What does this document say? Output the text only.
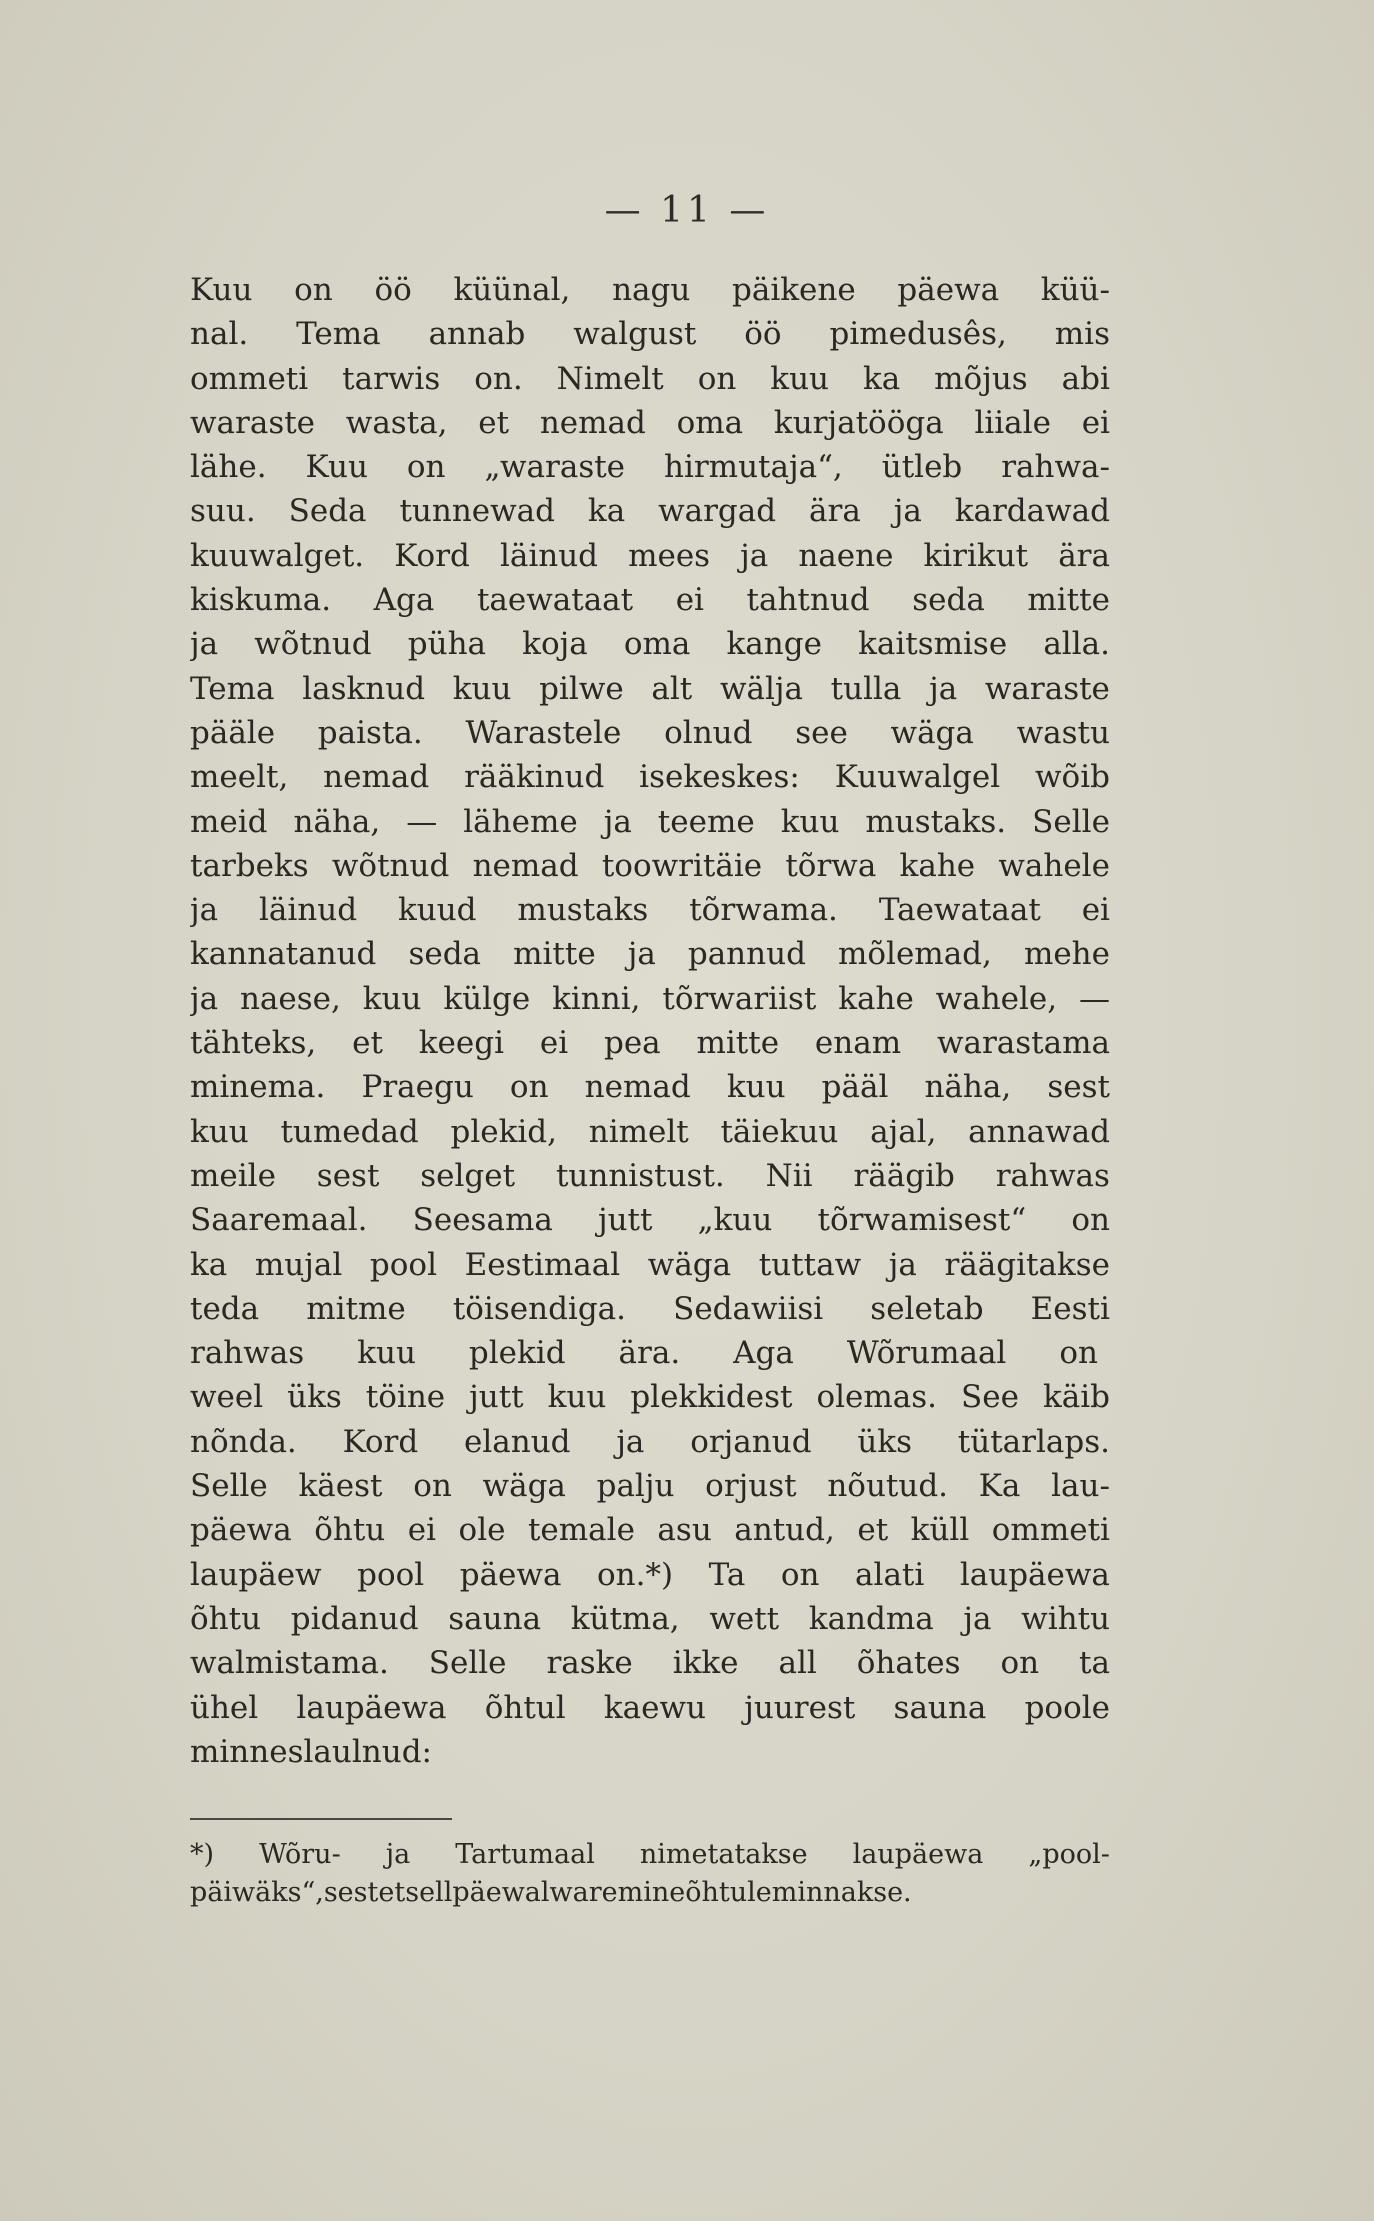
— 11 —
Kuu on öö küünal, nagu päikene päewa küü-
nal. Tema annab walgust öö pimedusês, mis
ommeti tarwis on. Nimelt on kuu ka mõjus abi
waraste wasta, et nemad oma kurjatööga liiale ei
lähe. Kuu on „waraste hirmutaja“, ütleb rahwa-
suu. Seda tunnewad ka wargad ära ja kardawad
kuuwalget. Kord läinud mees ja naene kirikut ära
kiskuma. Aga taewataat ei tahtnud seda mitte
ja wõtnud püha koja oma kange kaitsmise alla.
Tema lasknud kuu pilwe alt wälja tulla ja waraste
pääle paista. Warastele olnud see wäga wastu
meelt, nemad rääkinud isekeskes: Kuuwalgel wõib
meid näha, — läheme ja teeme kuu mustaks. Selle
tarbeks wõtnud nemad toowritäie tõrwa kahe wahele
ja läinud kuud mustaks tõrwama. Taewataat ei
kannatanud seda mitte ja pannud mõlemad, mehe
ja naese, kuu külge kinni, tõrwariist kahe wahele, —
tähteks, et keegi ei pea mitte enam warastama
minema. Praegu on nemad kuu pääl näha, sest
kuu tumedad plekid, nimelt täiekuu ajal, annawad
meile sest selget tunnistust. Nii räägib rahwas
Saaremaal. Seesama jutt „kuu tõrwamisest“ on
ka mujal pool Eestimaal wäga tuttaw ja räägitakse
teda mitme töisendiga. Sedawiisi seletab Eesti
rahwas kuu plekid ära. Aga Wõrumaal on
weel üks töine jutt kuu plekkidest olemas. See käib
nõnda. Kord elanud ja orjanud üks tütarlaps.
Selle käest on wäga palju orjust nõutud. Ka lau-
päewa õhtu ei ole temale asu antud, et küll ommeti
laupäew pool päewa on.*) Ta on alati laupäewa
õhtu pidanud sauna kütma, wett kandma ja wihtu
walmistama. Selle raske ikke all õhates on ta
ühel laupäewa õhtul kaewu juurest sauna poole
minnes laulnud:
*) Wõru- ja Tartumaal nimetatakse laupäewa „pool-
päiwäks“, sest et sell päewal waremine õhtule minnakse.
